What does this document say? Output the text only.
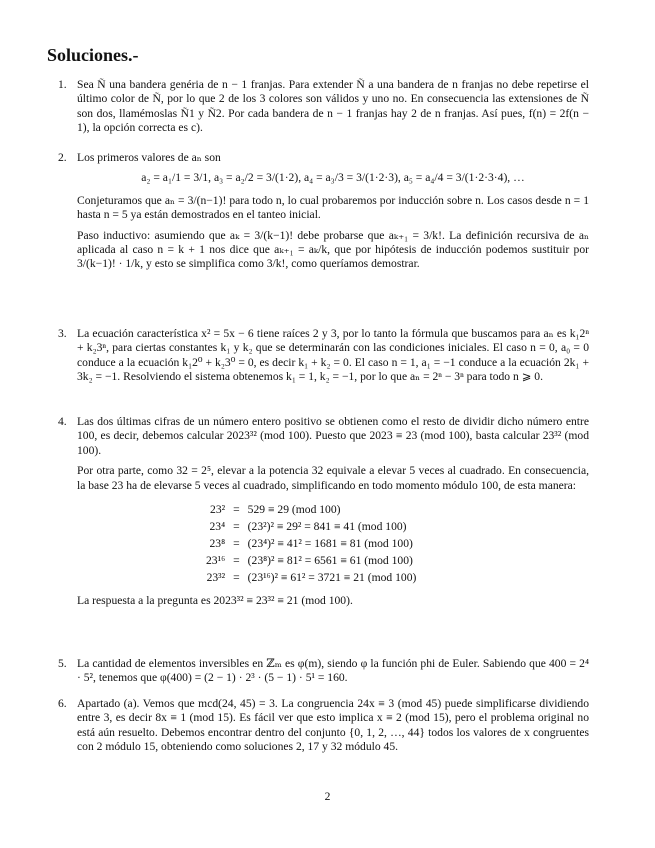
Soluciones.-
1. Sea Ñ una bandera genéria de n − 1 franjas. Para extender Ñ a una bandera de n franjas no debe repetirse el último color de Ñ, por lo que 2 de los 3 colores son válidos y uno no. En consecuencia las extensiones de Ñ son dos, llamémoslas Ñ1 y Ñ2. Por cada bandera de n − 1 franjas hay 2 de n franjas. Así pues, f(n) = 2f(n − 1), la opción correcta es c).

2. Los primeros valores de aₙ son

a₂ = a₁/1 = 3/1, a₃ = a₂/2 = 3/(1·2), a₄ = a₃/3 = 3/(1·2·3), a₅ = a₄/4 = 3/(1·2·3·4), …

Conjeturamos que aₙ = 3/(n−1)! para todo n, lo cual probaremos por inducción sobre n. Los casos desde n = 1 hasta n = 5 ya están demostrados en el tanteo inicial.

Paso inductivo: asumiendo que aₖ = 3/(k−1)! debe probarse que aₖ₊₁ = 3/k!. La definición recursiva de aₙ aplicada al caso n = k + 1 nos dice que aₖ₊₁ = aₖ/k, que por hipótesis de inducción podemos sustituir por 3/(k−1)! · 1/k, y esto se simplifica como 3/k!, como queríamos demostrar.

3. La ecuación característica x² = 5x − 6 tiene raíces 2 y 3, por lo tanto la fórmula que buscamos para aₙ es k₁2ⁿ + k₂3ⁿ, para ciertas constantes k₁ y k₂ que se determinarán con las condiciones iniciales. El caso n = 0, a₀ = 0 conduce a la ecuación k₁2⁰ + k₂3⁰ = 0, es decir k₁ + k₂ = 0. El caso n = 1, a₁ = −1 conduce a la ecuación 2k₁ + 3k₂ = −1. Resolviendo el sistema obtenemos k₁ = 1, k₂ = −1, por lo que aₙ = 2ⁿ − 3ⁿ para todo n ⩾ 0.

4. Las dos últimas cifras de un número entero positivo se obtienen como el resto de dividir dicho número entre 100, es decir, debemos calcular 2023³² (mod 100). Puesto que 2023 ≡ 23 (mod 100), basta calcular 23³² (mod 100).

Por otra parte, como 32 = 2⁵, elevar a la potencia 32 equivale a elevar 5 veces al cuadrado. En consecuencia, la base 23 ha de elevarse 5 veces al cuadrado, simplificando en todo momento módulo 100, de esta manera:

23²	=	529 ≡ 29 (mod 100)
23⁴	=	(23²)² ≡ 29² = 841 ≡ 41 (mod 100)
23⁸	=	(23⁴)² ≡ 41² = 1681 ≡ 81 (mod 100)
23¹⁶	=	(23⁸)² ≡ 81² = 6561 ≡ 61 (mod 100)
23³²	=	(23¹⁶)² ≡ 61² = 3721 ≡ 21 (mod 100)

La respuesta a la pregunta es 2023³² ≡ 23³² ≡ 21 (mod 100).

5. La cantidad de elementos inversibles en ℤₘ es φ(m), siendo φ la función phi de Euler. Sabiendo que 400 = 2⁴ · 5², tenemos que φ(400) = (2 − 1) · 2³ · (5 − 1) · 5¹ = 160.

6. Apartado (a). Vemos que mcd(24, 45) = 3. La congruencia 24x ≡ 3 (mod 45) puede simplificarse dividiendo entre 3, es decir 8x ≡ 1 (mod 15). Es fácil ver que esto implica x ≡ 2 (mod 15), pero el problema original no está aún resuelto. Debemos encontrar dentro del conjunto {0, 1, 2, …, 44} todos los valores de x congruentes con 2 módulo 15, obteniendo como soluciones 2, 17 y 32 módulo 45.

2
